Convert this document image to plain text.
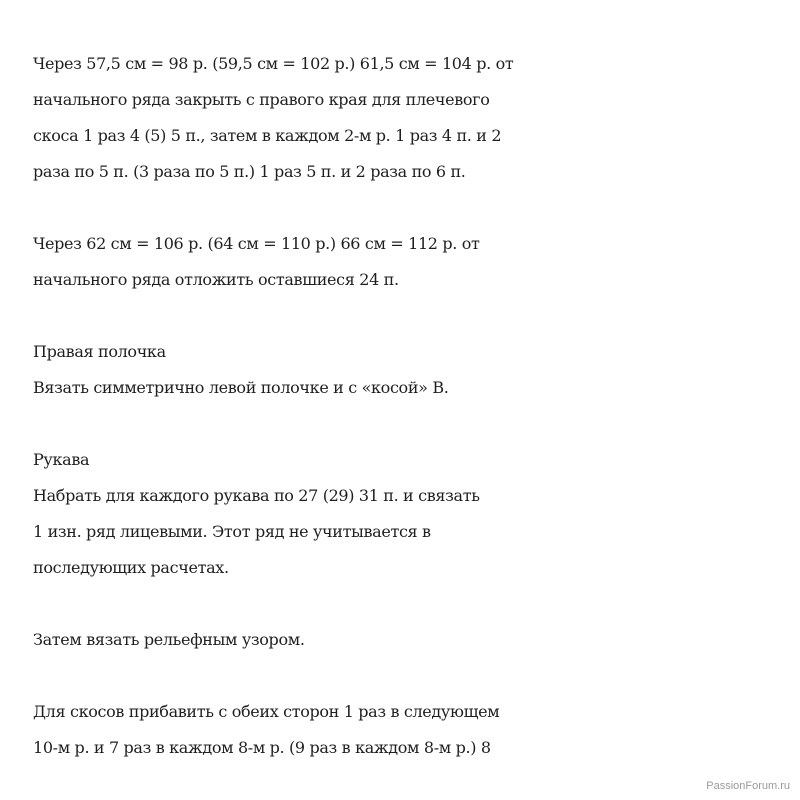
Через 57,5 см = 98 р. (59,5 см = 102 р.) 61,5 см = 104 р. от
начального ряда закрыть с правого края для плечевого
скоса 1 раз 4 (5) 5 п., затем в каждом 2-м р. 1 раз 4 п. и 2
раза по 5 п. (3 раза по 5 п.) 1 раз 5 п. и 2 раза по 6 п.

Через 62 см = 106 р. (64 см = 110 р.) 66 см = 112 р. от
начального ряда отложить оставшиеся 24 п.

Правая полочка
Вязать симметрично левой полочке и с «косой» В.

Рукава
Набрать для каждого рукава по 27 (29) 31 п. и связать
1 изн. ряд лицевыми. Этот ряд не учитывается в
последующих расчетах.

Затем вязать рельефным узором.

Для скосов прибавить с обеих сторон 1 раз в следующем
10-м р. и 7 раз в каждом 8-м р. (9 раз в каждом 8-м р.) 8

PassionForum.ru
